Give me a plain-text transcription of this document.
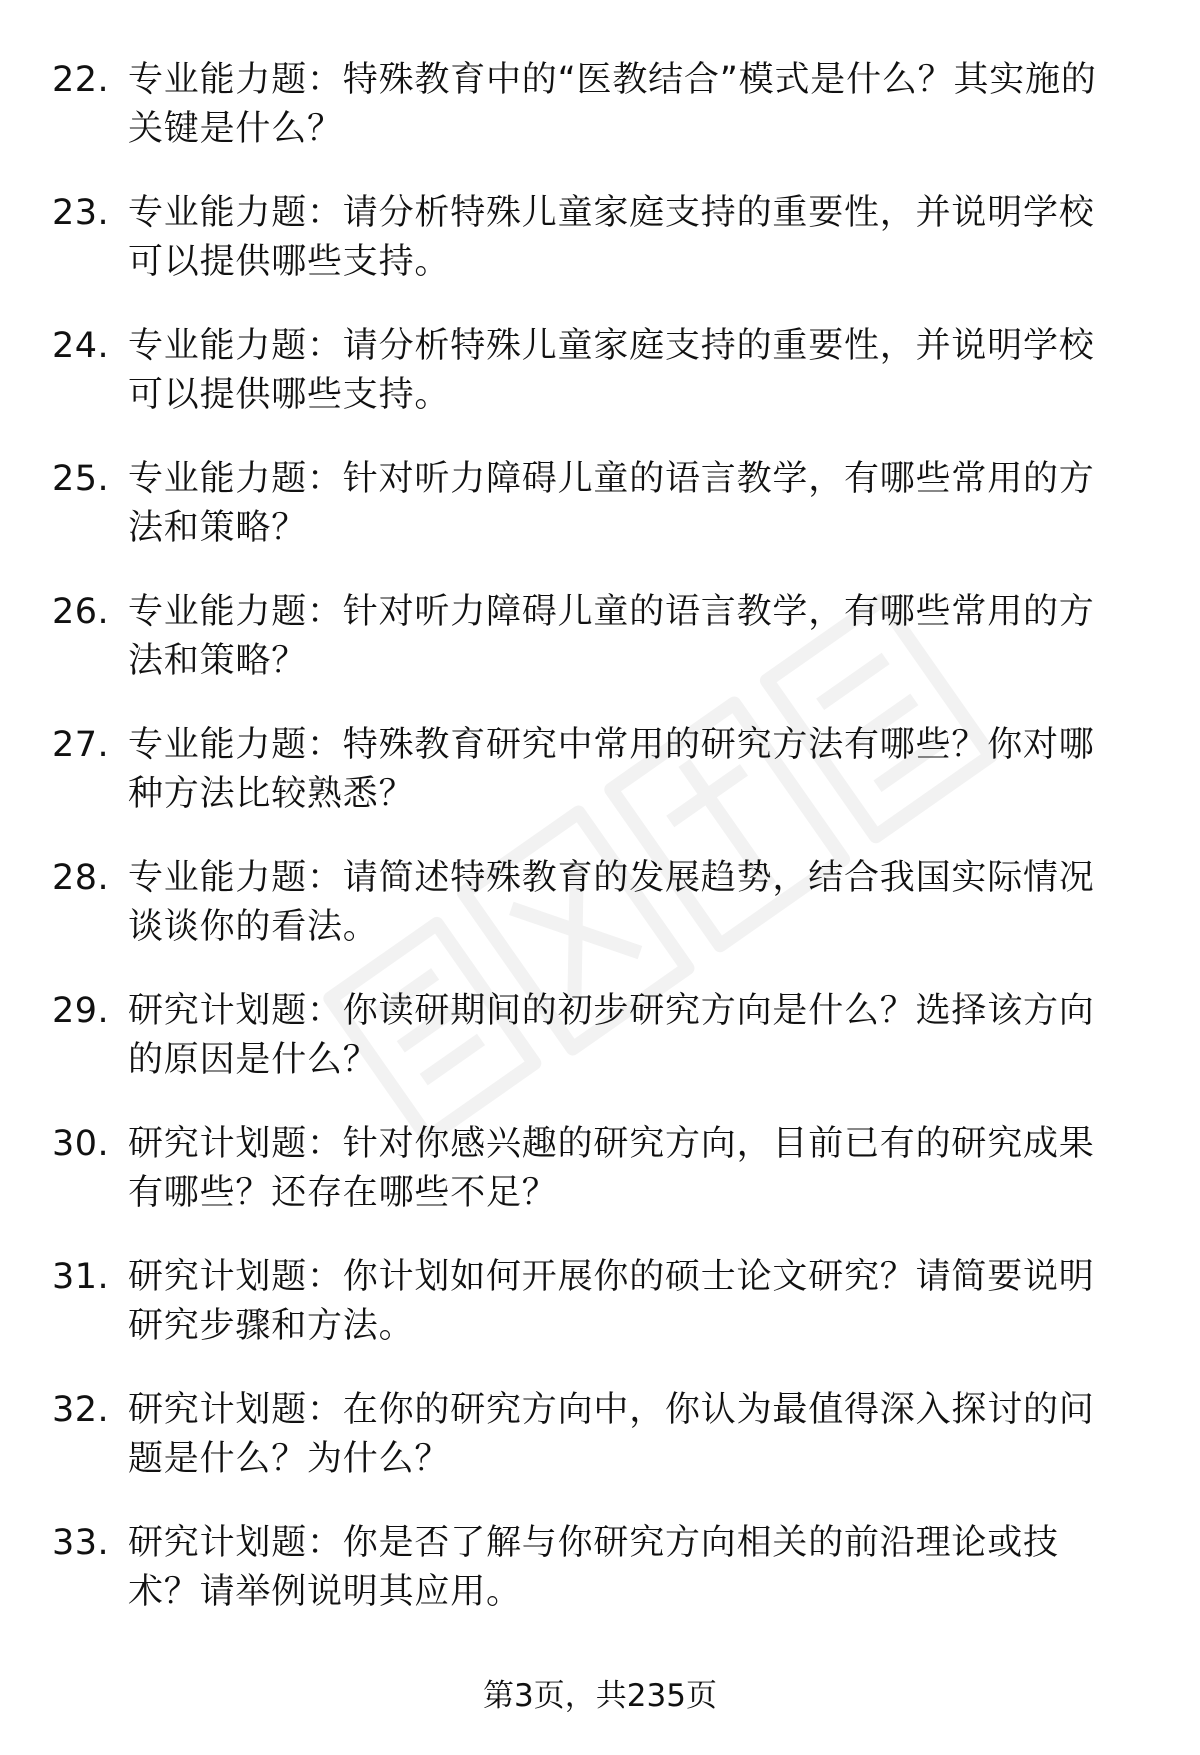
22. 专业能力题：特殊教育中的“医教结合”模式是什么？其实施的关键是什么？
23. 专业能力题：请分析特殊儿童家庭支持的重要性，并说明学校可以提供哪些支持。
24. 专业能力题：请分析特殊儿童家庭支持的重要性，并说明学校可以提供哪些支持。
25. 专业能力题：针对听力障碍儿童的语言教学，有哪些常用的方法和策略？
26. 专业能力题：针对听力障碍儿童的语言教学，有哪些常用的方法和策略？
27. 专业能力题：特殊教育研究中常用的研究方法有哪些？你对哪种方法比较熟悉？
28. 专业能力题：请简述特殊教育的发展趋势，结合我国实际情况谈谈你的看法。
29. 研究计划题：你读研期间的初步研究方向是什么？选择该方向的原因是什么？
30. 研究计划题：针对你感兴趣的研究方向，目前已有的研究成果有哪些？还存在哪些不足？
31. 研究计划题：你计划如何开展你的硕士论文研究？请简要说明研究步骤和方法。
32. 研究计划题：在你的研究方向中，你认为最值得深入探讨的问题是什么？为什么？
33. 研究计划题：你是否了解与你研究方向相关的前沿理论或技术？请举例说明其应用。
第3页，共235页
